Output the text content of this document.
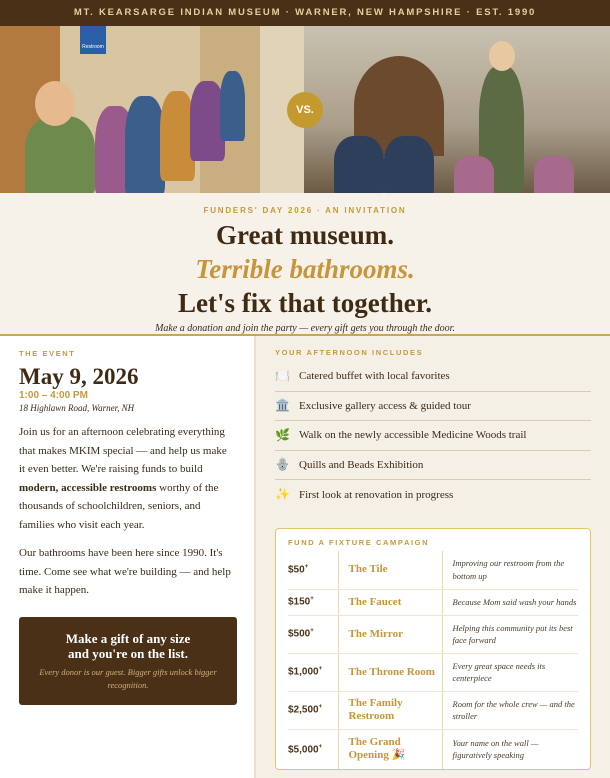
MT. KEARSARGE INDIAN MUSEUM · WARNER, NEW HAMPSHIRE · EST. 1990
Restroom
VS.
FUNDERS' DAY 2026 · AN INVITATION
Great museum.
Terrible bathrooms.
Let's fix that together.
Make a donation and join the party — every gift gets you through the door.
THE EVENT
May 9, 2026
1:00 – 4:00 PM
18 Highlawn Road, Warner, NH
Join us for an afternoon celebrating everything that makes MKIM special — and help us make it even better. We're raising funds to build modern, accessible restrooms worthy of the thousands of schoolchildren, seniors, and families who visit each year.
Our bathrooms have been here since 1990. It's time. Come see what we're building — and help make it happen.
Make a gift of any size
and you're on the list.
Every donor is our guest. Bigger gifts unlock bigger recognition.
YOUR AFTERNOON INCLUDES
🍽️ Catered buffet with local favorites
🏛️ Exclusive gallery access & guided tour
🌿 Walk on the newly accessible Medicine Woods trail
🪬 Quills and Beads Exhibition
✨ First look at renovation in progress
FUND A FIXTURE CAMPAIGN
$50+	The Tile	Improving our restroom from the bottom up
$150+	The Faucet	Because Mom said wash your hands
$500+	The Mirror	Helping this community put its best face forward
$1,000+	The Throne Room	Every great space needs its centerpiece
$2,500+	The Family Restroom	Room for the whole crew — and the stroller
$5,000+	The Grand Opening 🎉	Your name on the wall — figuratively speaking
